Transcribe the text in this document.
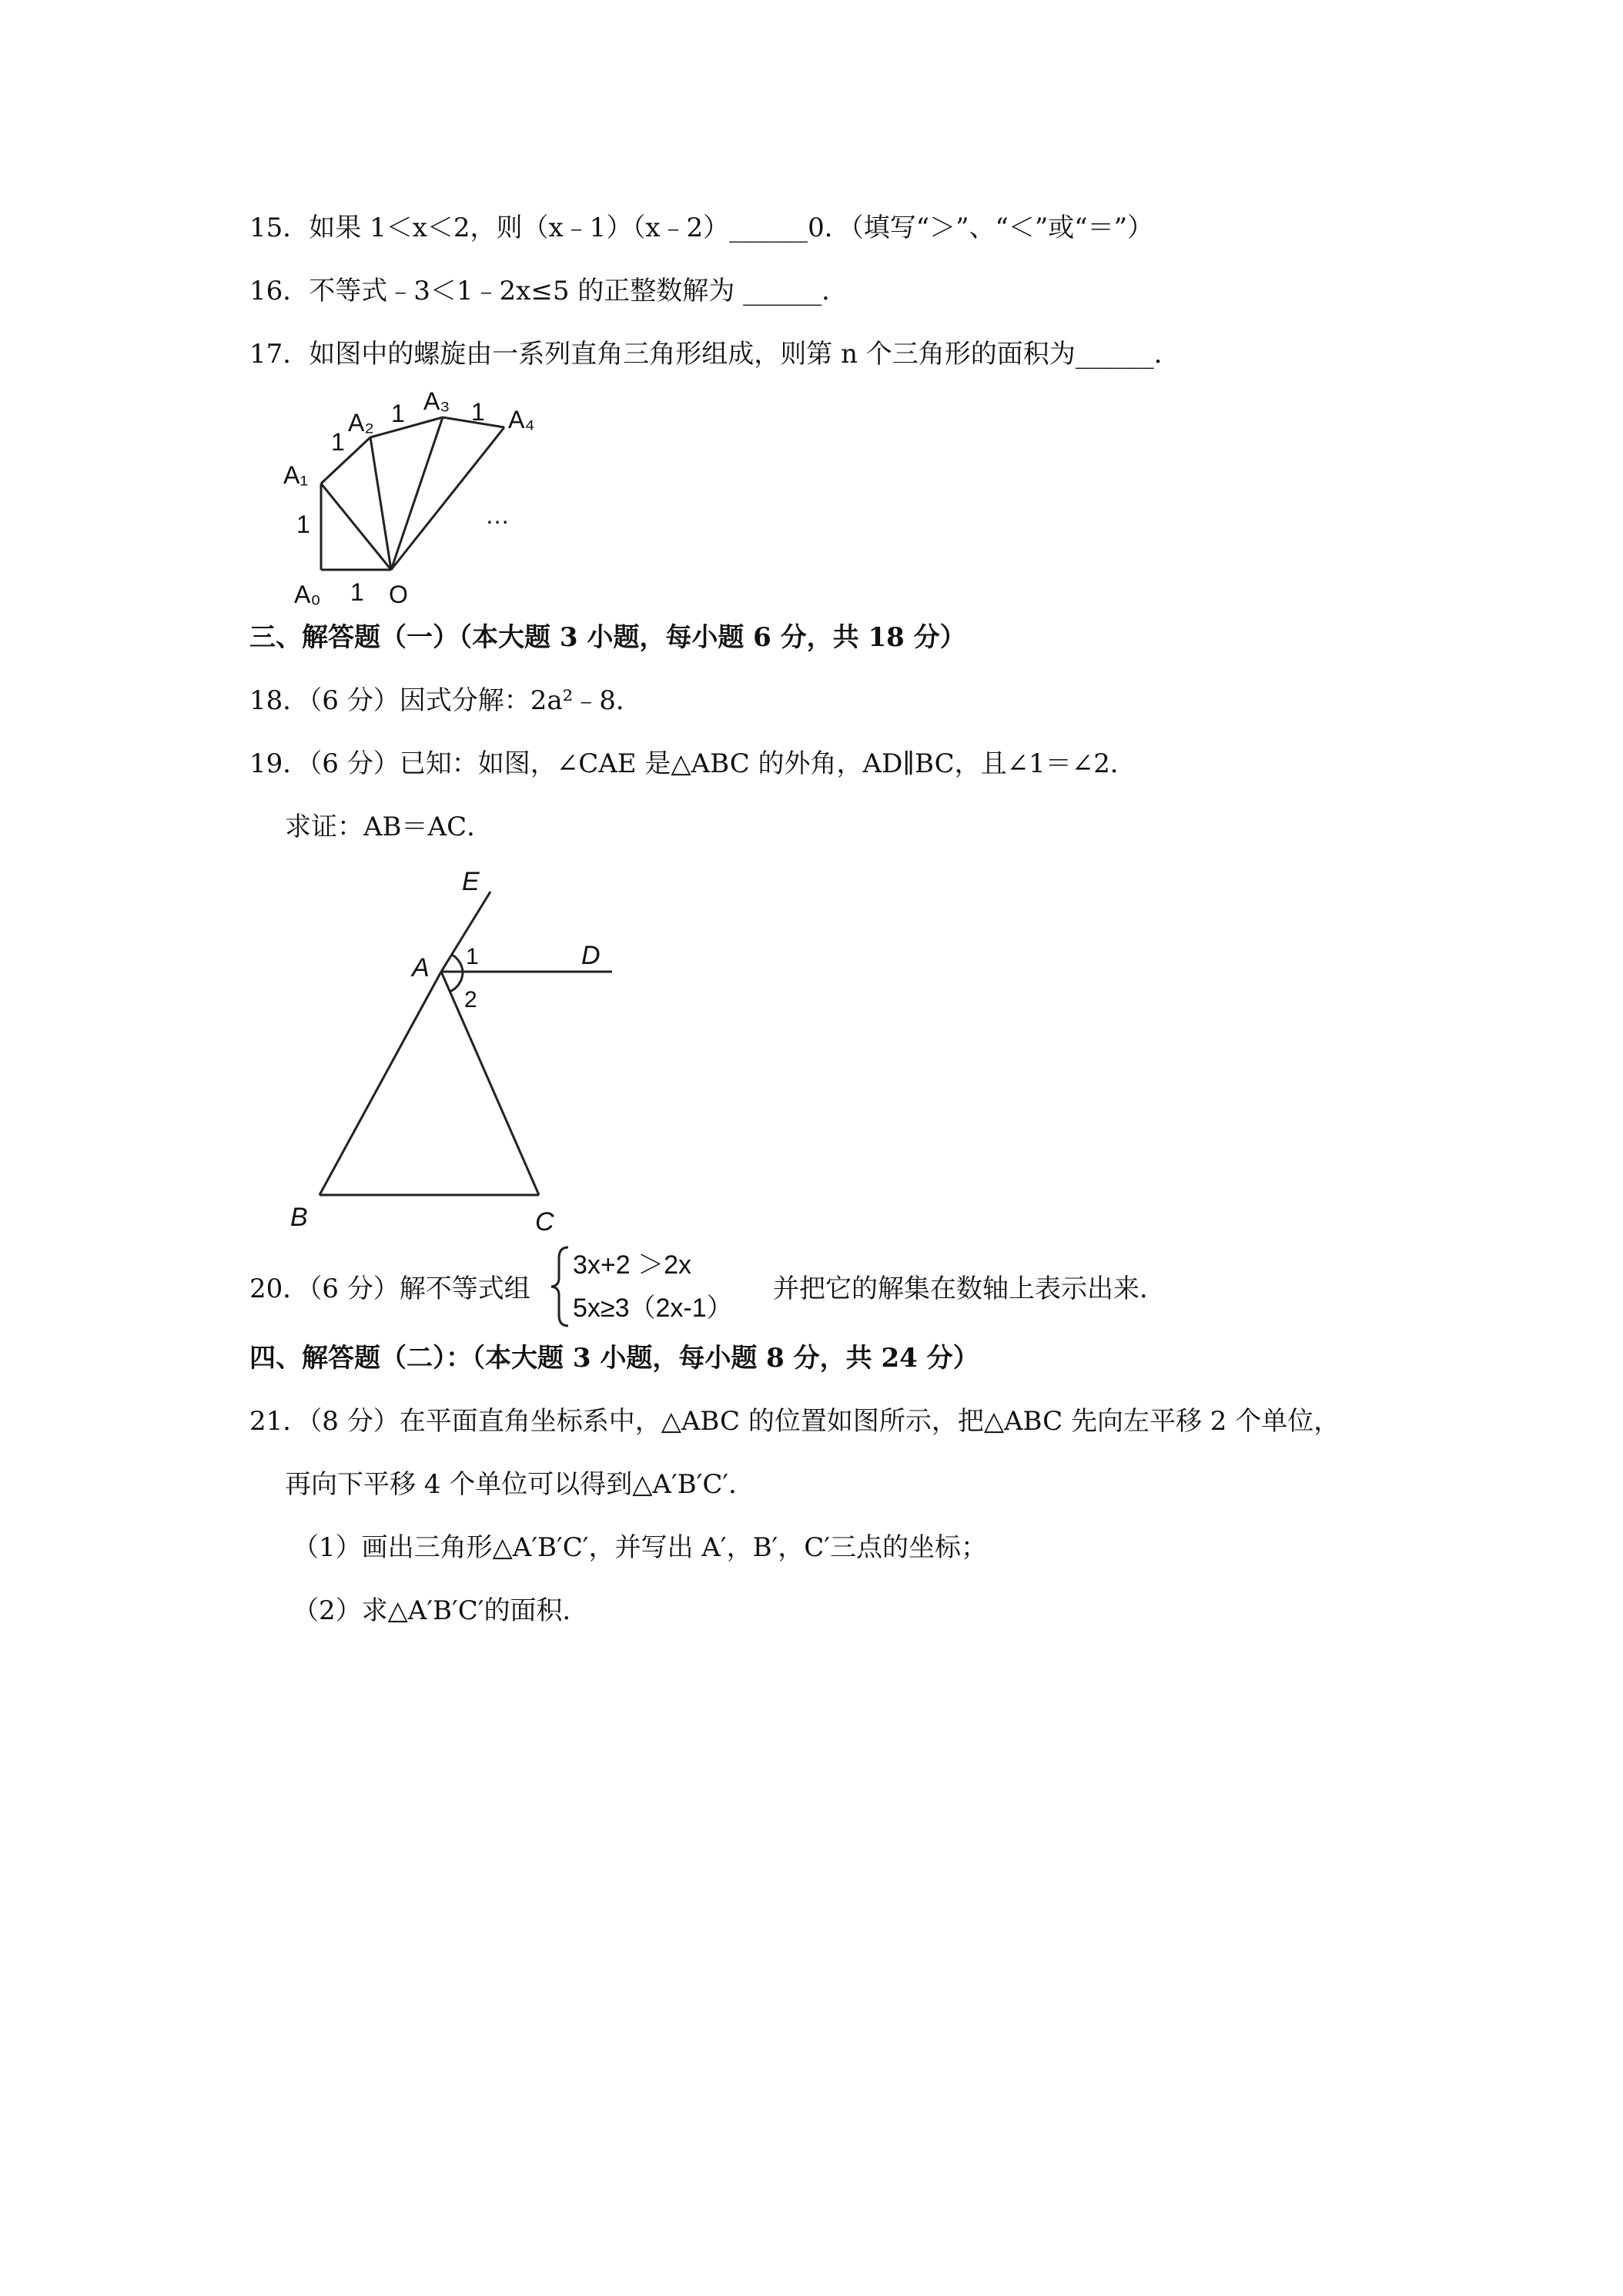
15．如果 1＜x＜2，则（x﹣1）（x﹣2）______0．（填写“＞”、“＜”或“＝”）
16．不等式﹣3＜1﹣2x≤5 的正整数解为 ______．
17．如图中的螺旋由一系列直角三角形组成，则第 n 个三角形的面积为______．
A₀	O
A₁
A₂
A₃
A₄
1
1
1
1	1
…
三、解答题（一）（本大题 3 小题，每小题 6 分，共 18 分）
18．（6 分）因式分解：2a²﹣8．
19．（6 分）已知：如图，∠CAE 是△ABC 的外角，AD∥BC，且∠1＝∠2．
求证：AB＝AC．
E
A	D
B	C
1
2
20．（6 分）解不等式组
3x+2 ＞2x
5x≥3（2x-1）
并把它的解集在数轴上表示出来．
四、解答题（二）：（本大题 3 小题，每小题 8 分，共 24 分）
21．（8 分）在平面直角坐标系中，△ABC 的位置如图所示，把△ABC 先向左平移 2 个单位，
再向下平移 4 个单位可以得到△A′B′C′．
（1）画出三角形△A′B′C′，并写出 A′，B′，C′三点的坐标；
（2）求△A′B′C′的面积．
